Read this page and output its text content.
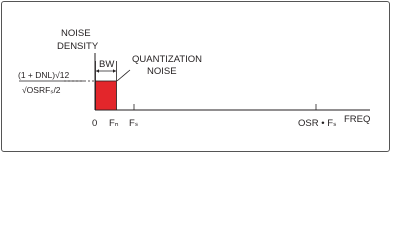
NOISE
DENSITY
BW QUANTIZATION
NOISE
(1 + DNL)√12
√OSRFₛ/2
0 Fₙ Fₛ	OSR • Fₛ FREQ
